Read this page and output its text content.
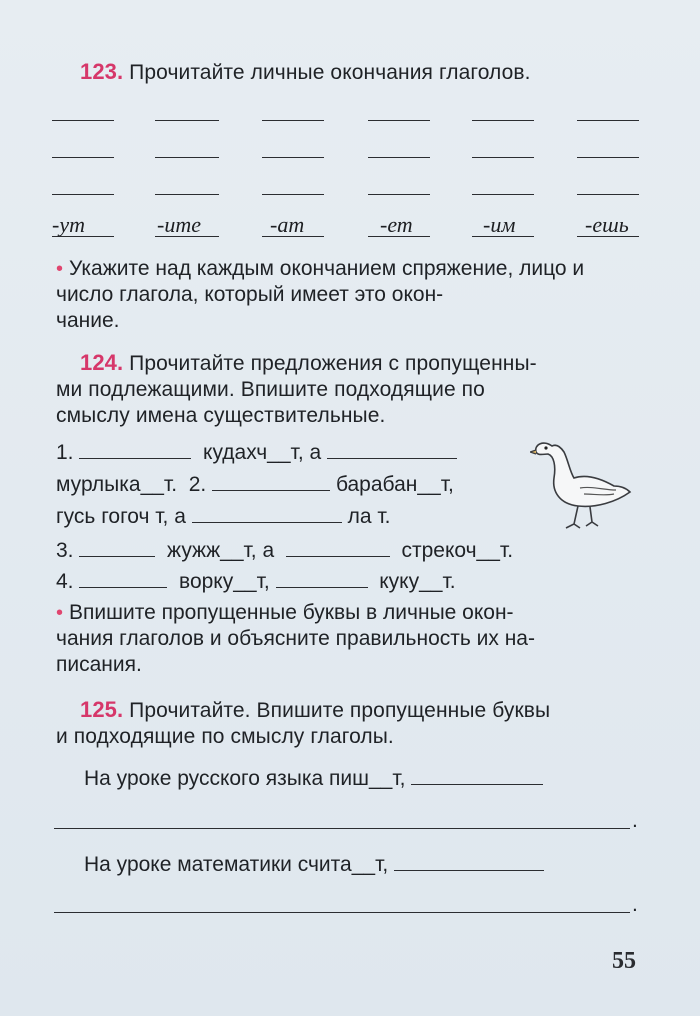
123. Прочитайте личные окончания глаголов.
-ут	-ите	-ат	-ет	-им	-ешь
• Укажите над каждым окончанием спряжение, лицо и число глагола, который имеет это окон-
чание.
124. Прочитайте предложения с пропущенны-
ми подлежащими. Впишите подходящие по
смыслу имена существительные.
1.	кудахч__т, а
мурлыка__т. 2.	барабан__т,
гусь гогоч т, а	ла т.
3.	жужж__т, а	стрекоч__т.
4.	ворку__т,	куку__т.
• Впишите пропущенные буквы в личные окон-
чания глаголов и объясните правильность их на-
писания.
125. Прочитайте. Впишите пропущенные буквы
и подходящие по смыслу глаголы.
На уроке русского языка пиш__т,
.
На уроке математики счита__т,
.
55
